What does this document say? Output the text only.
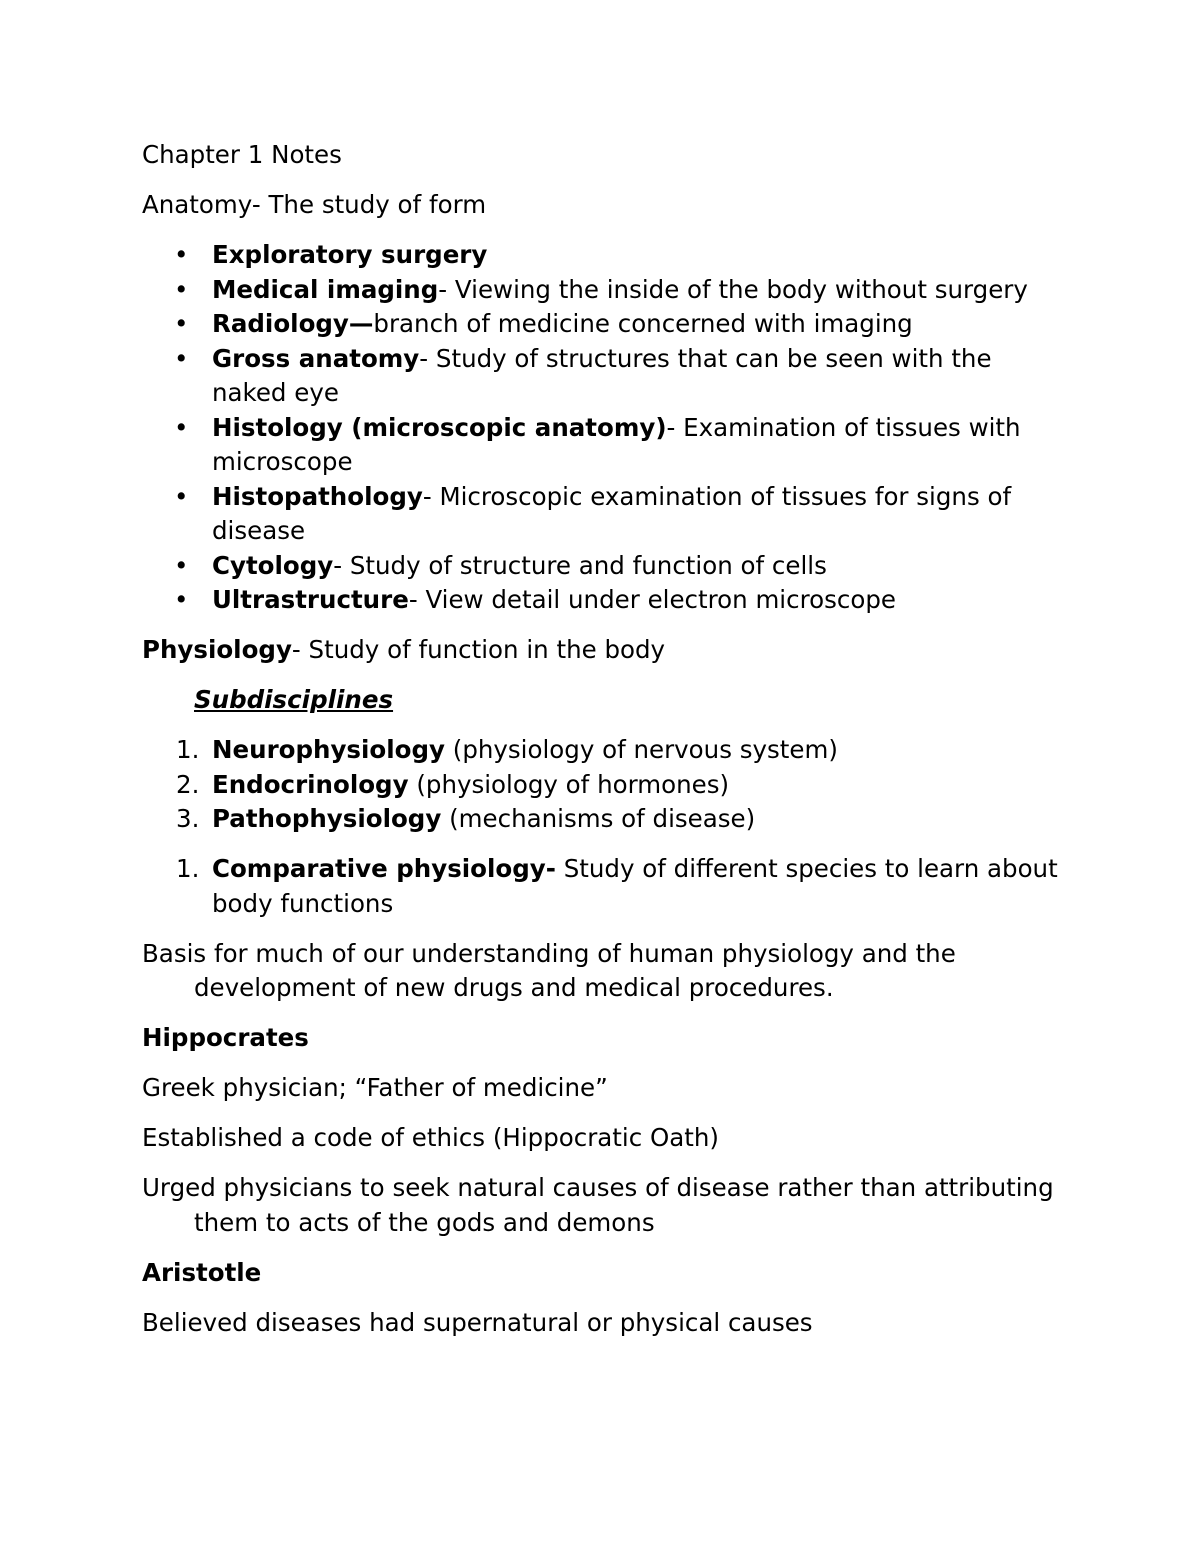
Chapter 1 Notes

Anatomy- The study of form

• Exploratory surgery
• Medical imaging- Viewing the inside of the body without surgery
• Radiology—branch of medicine concerned with imaging
• Gross anatomy- Study of structures that can be seen with the naked eye
• Histology (microscopic anatomy)- Examination of tissues with microscope
• Histopathology- Microscopic examination of tissues for signs of disease
• Cytology- Study of structure and function of cells
• Ultrastructure- View detail under electron microscope

Physiology- Study of function in the body

Subdisciplines

1. Neurophysiology (physiology of nervous system)
2. Endocrinology (physiology of hormones)
3. Pathophysiology (mechanisms of disease)
1. Comparative physiology- Study of different species to learn about body functions

Basis for much of our understanding of human physiology and the development of new drugs and medical procedures.

Hippocrates

Greek physician; “Father of medicine”

Established a code of ethics (Hippocratic Oath)

Urged physicians to seek natural causes of disease rather than attributing them to acts of the gods and demons

Aristotle

Believed diseases had supernatural or physical causes
